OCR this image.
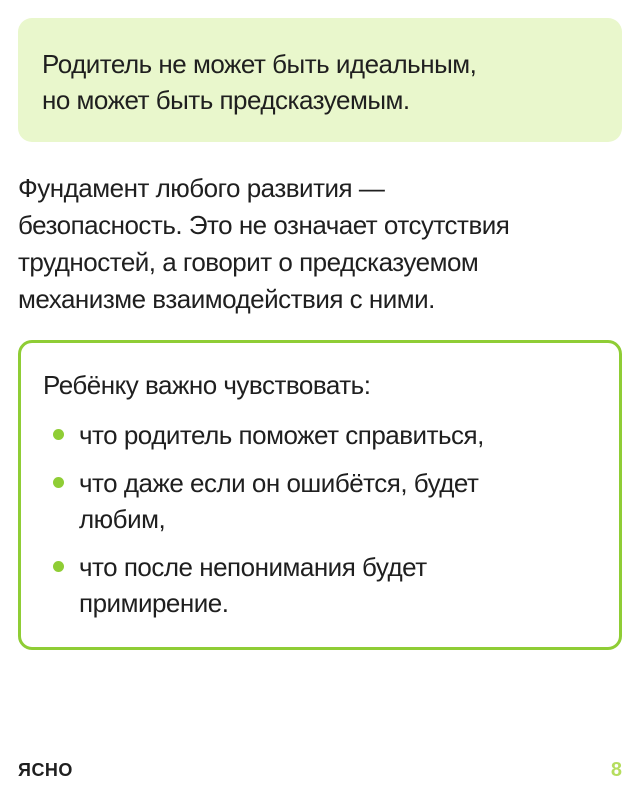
Родитель не может быть идеальным,
но может быть предсказуемым.
Фундамент любого развития —
безопасность. Это не означает отсутствия
трудностей, а говорит о предсказуемом
механизме взаимодействия с ними.
Ребёнку важно чувствовать:
что родитель поможет справиться,
что даже если он ошибётся, будет
любим,
что после непонимания будет
примирение.
ЯСНО	8
